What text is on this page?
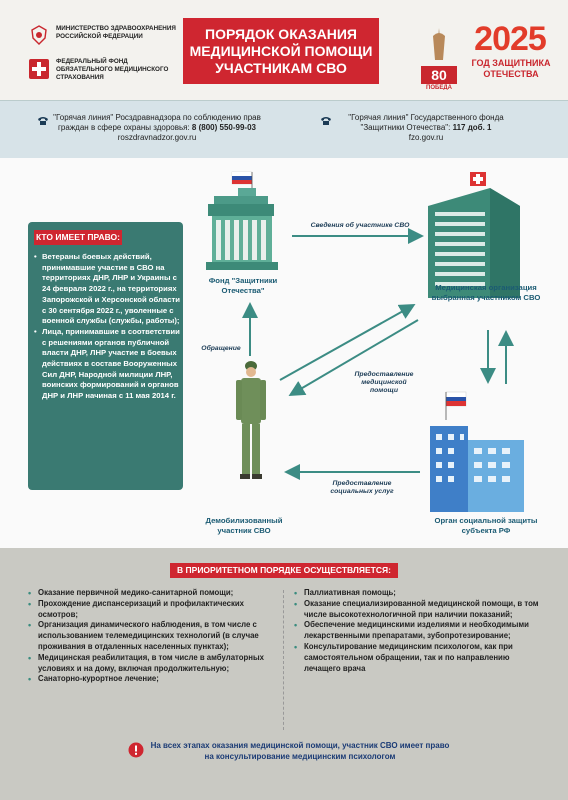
МИНИСТЕРСТВО ЗДРАВООХРАНЕНИЯ РОССИЙСКОЙ ФЕДЕРАЦИИ
ФЕДЕРАЛЬНЫЙ ФОНД ОБЯЗАТЕЛЬНОГО МЕДИЦИНСКОГО СТРАХОВАНИЯ
ПОРЯДОК ОКАЗАНИЯ
МЕДИЦИНСКОЙ ПОМОЩИ
УЧАСТНИКАМ СВО	80
ПОБЕДА
2025
ГОД ЗАЩИТНИКА ОТЕЧЕСТВА
"Горячая линия" Росздравнадзора по соблюдению прав
граждан в сфере охраны здоровья: 8 (800) 550-99-03
roszdravnadzor.gov.ru
"Горячая линия" Государственного фонда
"Защитники Отечества": 117 доб. 1
fzo.gov.ru
КТО ИМЕЕТ ПРАВО:
• Ветераны боевых действий, принимавшие участие в СВО на территориях ДНР, ЛНР и Украины с 24 февраля 2022 г., на территориях Запорожской и Херсонской области с 30 сентября 2022 г., уволенные с военной службы (службы, работы);
• Лица, принимавшие в соответствии с решениями органов публичной власти ДНР, ЛНР участие в боевых действиях в составе Вооруженных Сил ДНР, Народной милиции ЛНР, воинских формирований и органов ДНР и ЛНР начиная с 11 мая 2014 г.
Фонд "Защитники Отечества"	Медицинская организация выбранная участником СВО
Демобилизованный участник СВО
Орган социальной защиты субъекта РФ
Сведения об участнике СВО
Обращение
Предоставление медицинской помощи
Предоставление социальных услуг
В ПРИОРИТЕТНОМ ПОРЯДКЕ ОСУЩЕСТВЛЯЕТСЯ:
• Оказание первичной медико-санитарной помощи;
• Прохождение диспансеризаций и профилактических осмотров;
• Организация динамического наблюдения, в том числе с использованием телемедицинских технологий (в случае проживания в отдаленных населенных пунктах);
• Медицинская реабилитация, в том числе в амбулаторных условиях и на дому, включая продолжительную;
• Санаторно-курортное лечение;
• Паллиативная помощь;
• Оказание специализированной медицинской помощи, в том числе высокотехнологичной при наличии показаний;
• Обеспечение медицинскими изделиями и необходимыми лекарственными препаратами, зубопротезирование;
• Консультирование медицинским психологом, как при самостоятельном обращении, так и по направлению лечащего врача
На всех этапах оказания медицинской помощи, участник СВО имеет право на консультирование медицинским психологом
